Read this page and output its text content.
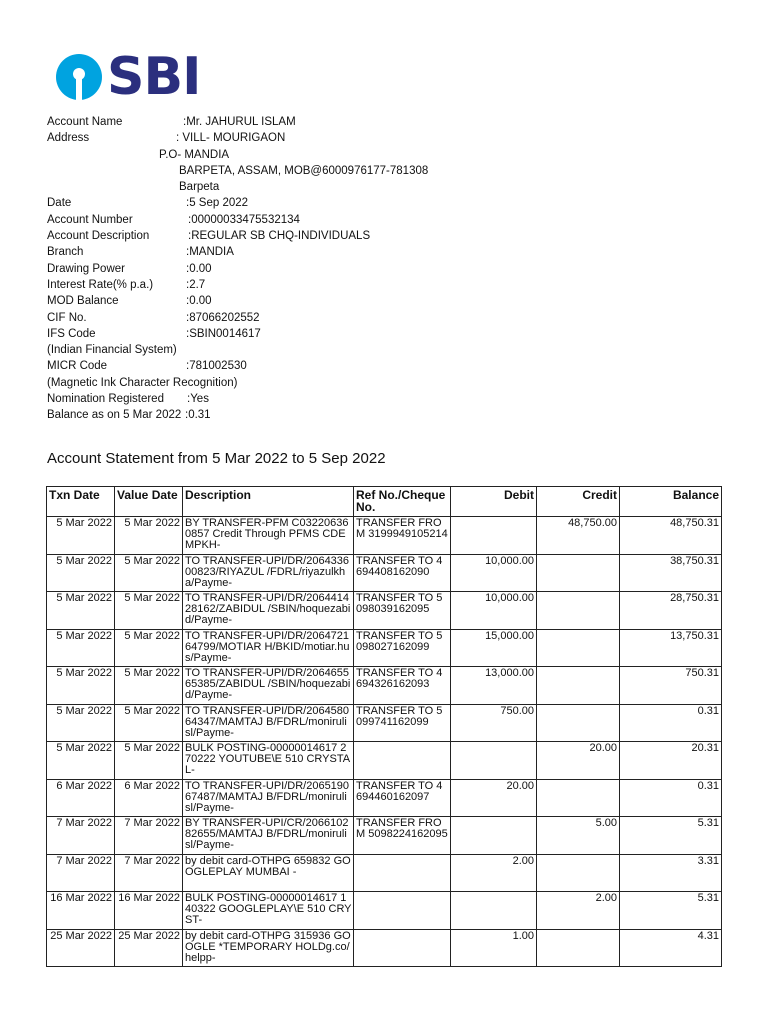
SBI
Account Name	:Mr. JAHURUL ISLAM
Address	: VILL- MOURIGAON
P.O- MANDIA
BARPETA, ASSAM, MOB@6000976177-781308
Barpeta
Date	:5 Sep 2022
Account Number	:00000033475532134
Account Description	:REGULAR SB CHQ-INDIVIDUALS
Branch	:MANDIA
Drawing Power	:0.00
Interest Rate(% p.a.)	:2.7
MOD Balance	:0.00
CIF No.	:87066202552
IFS Code	:SBIN0014617
(Indian Financial System)
MICR Code	:781002530
(Magnetic Ink Character Recognition)
Nomination Registered :Yes
Balance as on 5 Mar 2022 :0.31
Account Statement from 5 Mar 2022 to 5 Sep 2022
Txn Date	Value Date	Description	Ref No./Cheque No.	Debit	Credit	Balance

5 Mar 2022	5 Mar 2022	BY TRANSFER-PFM C032206360857 Credit Through PFMS CDEMPKH-	TRANSFER FROM 3199949105214		48,750.00	48,750.31

5 Mar 2022	5 Mar 2022	TO TRANSFER-UPI/DR/206433600823/RIYAZUL /FDRL/riyazulkha/Payme-	TRANSFER TO 4694408162090	10,000.00		38,750.31

5 Mar 2022	5 Mar 2022	TO TRANSFER-UPI/DR/206441428162/ZABIDUL /SBIN/hoquezabid/Payme-	TRANSFER TO 5098039162095	10,000.00		28,750.31

5 Mar 2022	5 Mar 2022	TO TRANSFER-UPI/DR/206472164799/MOTIAR H/BKID/motiar.hus/Payme-	TRANSFER TO 5098027162099	15,000.00		13,750.31

5 Mar 2022	5 Mar 2022	TO TRANSFER-UPI/DR/206465565385/ZABIDUL /SBIN/hoquezabid/Payme-	TRANSFER TO 4694326162093	13,000.00		750.31

5 Mar 2022	5 Mar 2022	TO TRANSFER-UPI/DR/206458064347/MAMTAJ B/FDRL/monirulisl/Payme-	TRANSFER TO 5099741162099	750.00		0.31

5 Mar 2022	5 Mar 2022	BULK POSTING-00000014617 270222 YOUTUBE\E 510 CRYSTAL-			20.00	20.31

6 Mar 2022	6 Mar 2022	TO TRANSFER-UPI/DR/206519067487/MAMTAJ B/FDRL/monirulisl/Payme-	TRANSFER TO 4694460162097	20.00		0.31

7 Mar 2022	7 Mar 2022	BY TRANSFER-UPI/CR/206610282655/MAMTAJ B/FDRL/monirulisl/Payme-	TRANSFER FROM 5098224162095		5.00	5.31

7 Mar 2022	7 Mar 2022	by debit card-OTHPG 659832 GOOGLEPLAY MUMBAI -		2.00		3.31

16 Mar 2022	16 Mar 2022	BULK POSTING-00000014617 140322 GOOGLEPLAY\E 510 CRYST-			2.00	5.31

25 Mar 2022	25 Mar 2022	by debit card-OTHPG 315936 GOOGLE *TEMPORARY HOLDg.co/helpp-		1.00		4.31
